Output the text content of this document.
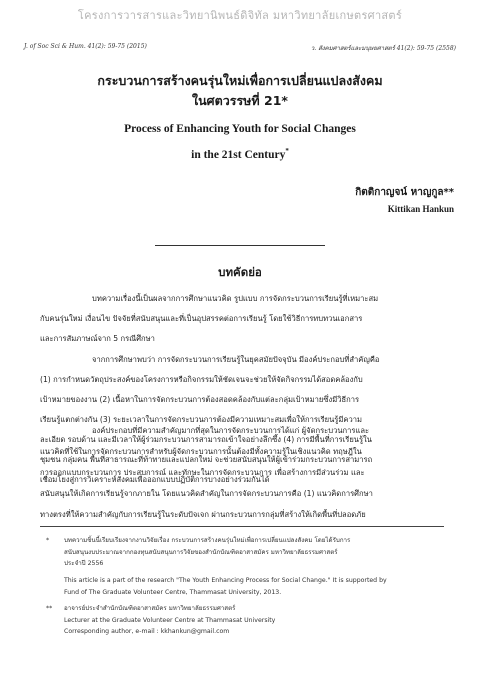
โครงการวารสารและวิทยานิพนธ์ดิจิทัล มหาวิทยาลัยเกษตรศาสตร์
J. of Soc Sci & Hum. 41(2): 59-75 (2015)	ว. สังคมศาสตร์และมนุษยศาสตร์ 41(2): 59-75 (2558)
กระบวนการสร้างคนรุ่นใหม่เพื่อการเปลี่ยนแปลงสังคม
ในศตวรรษที่ 21*
Process of Enhancing Youth for Social Changes
in the 21st Century*
กิตติกาญจน์ หาญกูล**
Kittikan Hankun
บทคัดย่อ
บทความเรื่องนี้เป็นผลจากการศึกษาแนวคิด รูปแบบ การจัดกระบวนการเรียนรู้ที่เหมาะสม
กับคนรุ่นใหม่ เงื่อนไข ปัจจัยที่สนับสนุนและที่เป็นอุปสรรคต่อการเรียนรู้ โดยใช้วิธีการทบทวนเอกสาร
และการสัมภาษณ์จาก 5 กรณีศึกษา
จากการศึกษาพบว่า การจัดกระบวนการเรียนรู้ในยุคสมัยปัจจุบัน มีองค์ประกอบที่สำคัญคือ
(1) การกำหนดวัตถุประสงค์ของโครงการหรือกิจกรรมให้ชัดเจนจะช่วยให้จัดกิจกรรมได้สอดคล้องกับ
เป้าหมายของงาน (2) เนื้อหาในการจัดกระบวนการต้องสอดคล้องกับแต่ละกลุ่มเป้าหมายซึ่งมีวิธีการ
เรียนรู้แตกต่างกัน (3) ระยะเวลาในการจัดกระบวนการต้องมีความเหมาะสมเพื่อให้การเรียนรู้มีความ
ละเอียด รอบด้าน และมีเวลาให้ผู้ร่วมกระบวนการสามารถเข้าใจอย่างลึกซึ้ง (4) การมีพื้นที่การเรียนรู้ใน
ชุมชน กลุ่มคน พื้นที่สาธารณะที่ท้าทายและแปลกใหม่ จะช่วยสนับสนุนให้ผู้เข้าร่วมกระบวนการสามารถ
เชื่อมโยงสู่การวิเคราะห์สังคมเพื่อออกแบบปฏิบัติการบางอย่างร่วมกันได้
องค์ประกอบที่มีความสำคัญมากที่สุดในการจัดกระบวนการได้แก่ ผู้จัดกระบวนการและ
แนวคิดที่ใช้ในการจัดกระบวนการสำหรับผู้จัดกระบวนการนั้นต้องมีทั้งความรู้ในเชิงแนวคิด ทฤษฎีใน
การออกแบบกระบวนการ ประสบการณ์ และทักษะในการจัดกระบวนการ เพื่อสร้างการมีส่วนร่วม และ
สนับสนุนให้เกิดการเรียนรู้จากภายใน โดยแนวคิดสำคัญในการจัดกระบวนการคือ (1) แนวคิดการศึกษา
ทางตรงที่ให้ความสำคัญกับการเรียนรู้ในระดับปัจเจก ผ่านกระบวนการกลุ่มที่สร้างให้เกิดพื้นที่ปลอดภัย
* บทความชิ้นนี้เรียบเรียงจากงานวิจัยเรื่อง กระบวนการสร้างคนรุ่นใหม่เพื่อการเปลี่ยนแปลงสังคม โดยได้รับการ
สนับสนุนงบประมาณจากกองทุนสนับสนุนการวิจัยของสำนักบัณฑิตอาสาสมัคร มหาวิทยาลัยธรรมศาสตร์
ประจำปี 2556
This article is a part of the research "The Youth Enhancing Process for Social Change." It is supported by
Fund of The Graduate Volunteer Centre, Thammasat University, 2013.
** อาจารย์ประจำสำนักบัณฑิตอาสาสมัคร มหาวิทยาลัยธรรมศาสตร์
Lecturer at the Graduate Volunteer Centre at Thammasat University
Corresponding author, e-mail : kkhankun@gmail.com
